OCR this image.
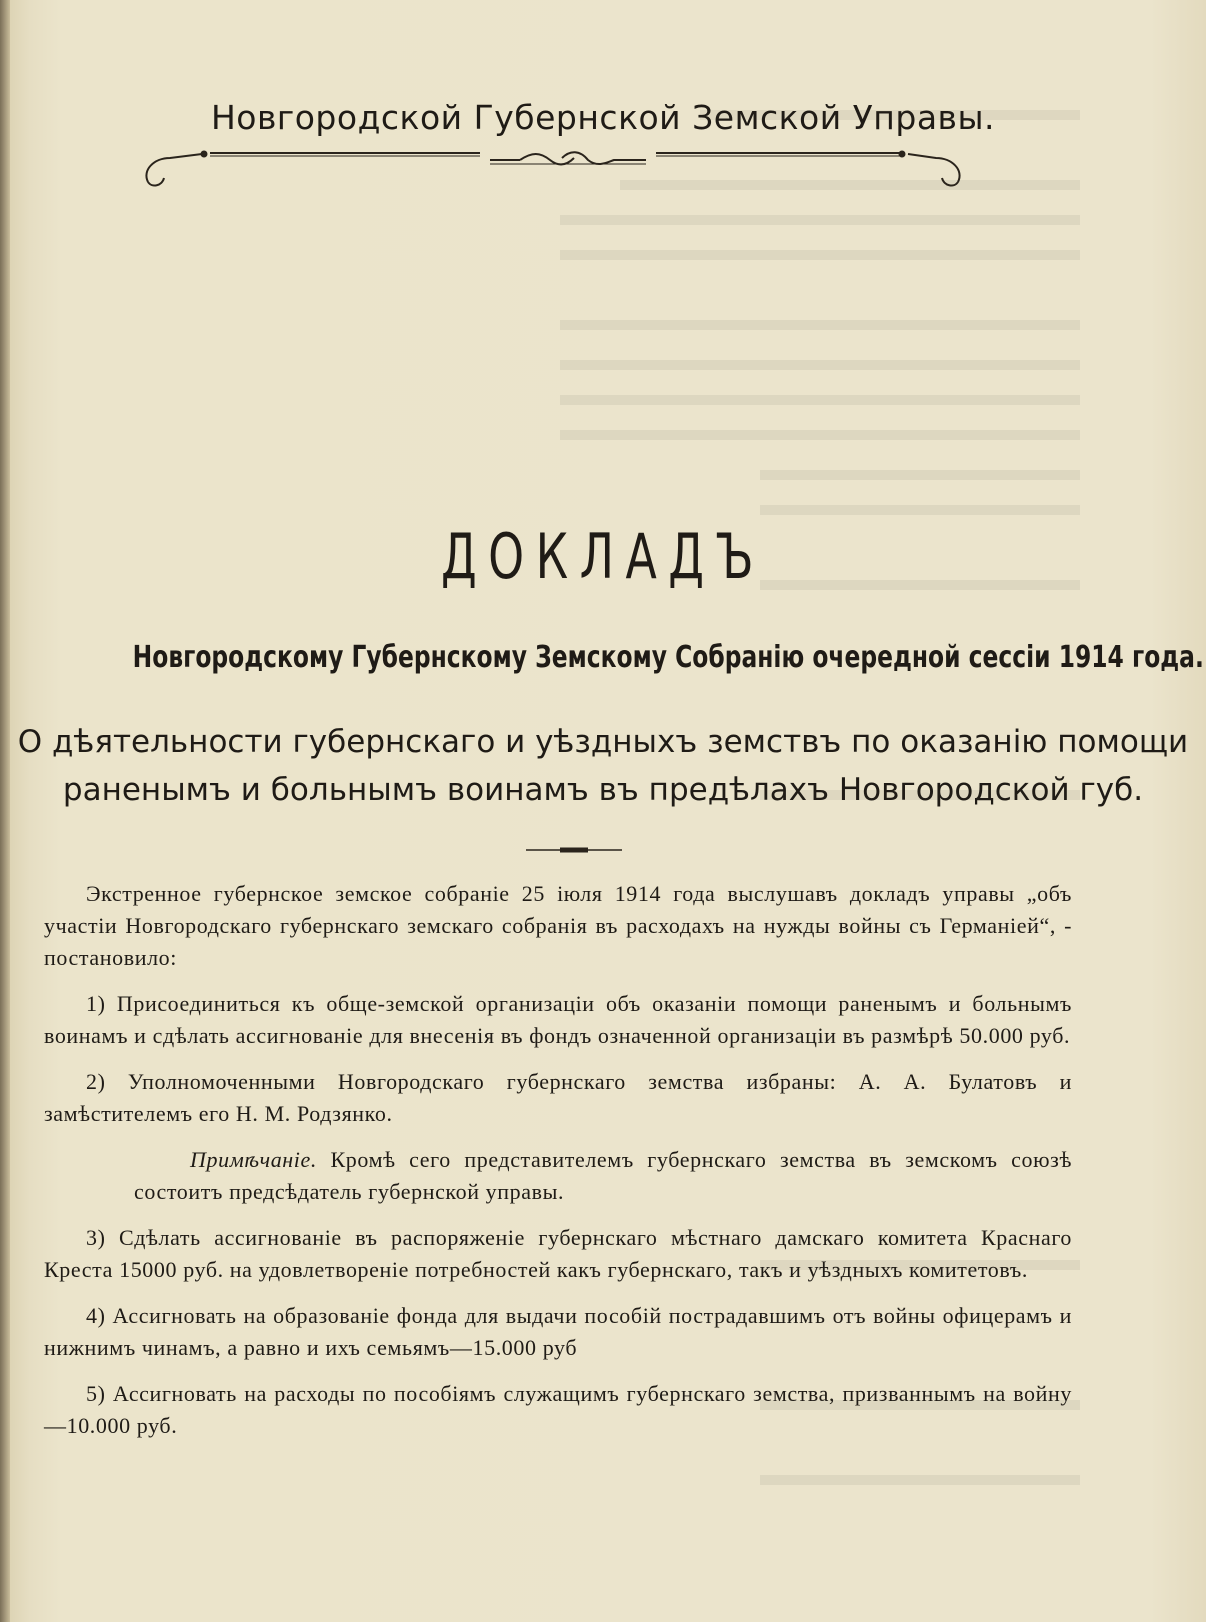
Новгородской Губернской Земской Управы.
ДОКЛАДЪ
Новгородскому Губернскому Земскому Собранію очередной сессіи 1914 года.
О дѣятельности губернскаго и уѣздныхъ земствъ по оказанію помощи
раненымъ и больнымъ воинамъ въ предѣлахъ Новгородской губ.

Экстренное губернское земское собраніе 25 іюля 1914 года выслушавъ докладъ управы „объ участіи Новгородскаго губернскаго земскаго собранія въ расходахъ на нужды войны съ Германіей“, - постановило:

1) Присоединиться къ обще-земской организаціи объ оказаніи помощи раненымъ и больнымъ воинамъ и сдѣлать ассигнованіе для внесенія въ фондъ означенной организаціи въ размѣрѣ 50.000 руб.

2) Уполномоченными Новгородскаго губернскаго земства избраны: А. А. Булатовъ и замѣстителемъ его Н. М. Родзянко.

Примѣчаніе. Кромѣ сего представителемъ губернскаго земства въ земскомъ союзѣ состоитъ предсѣдатель губернской управы.

3) Сдѣлать ассигнованіе въ распоряженіе губернскаго мѣстнаго дамскаго комитета Краснаго Креста 15000 руб. на удовлетвореніе потребностей какъ губернскаго, такъ и уѣздныхъ комитетовъ.

4) Ассигновать на образованіе фонда для выдачи пособій пострадавшимъ отъ войны офицерамъ и нижнимъ чинамъ, а равно и ихъ семьямъ—15.000 руб

5) Ассигновать на расходы по пособіямъ служащимъ губернскаго земства, призваннымъ на войну—10.000 руб.
